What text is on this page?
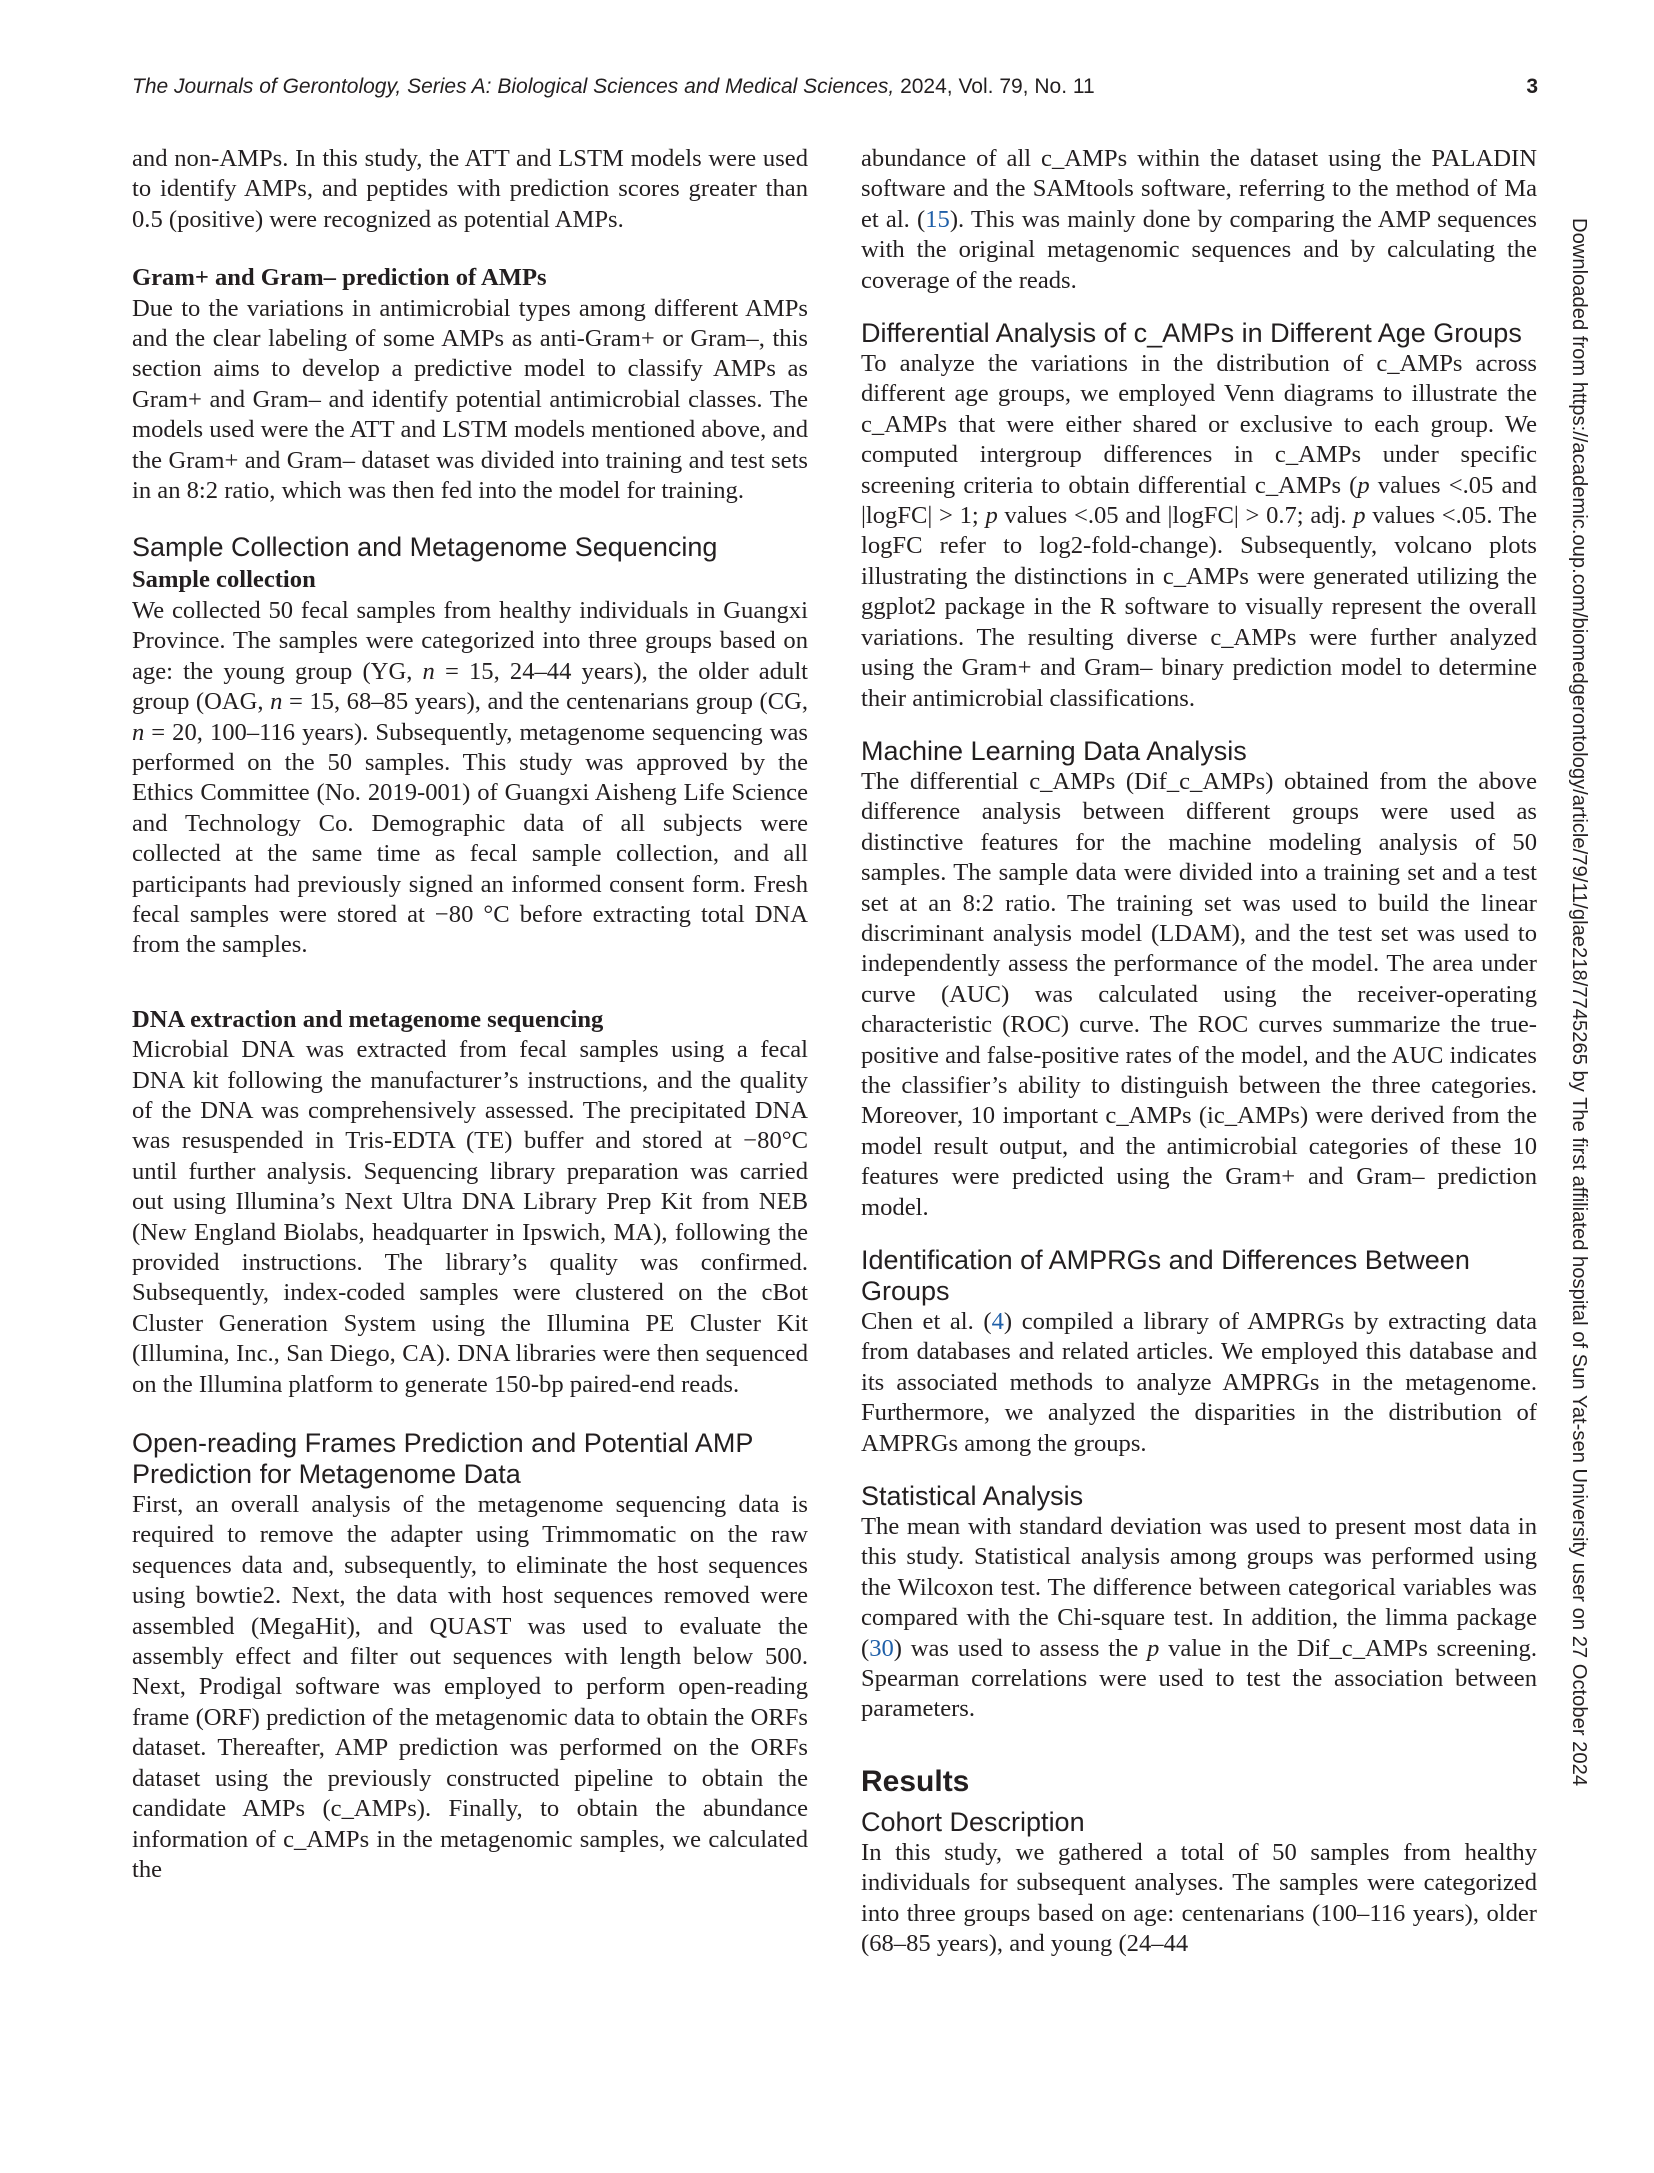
The Journals of Gerontology, Series A: Biological Sciences and Medical Sciences, 2024, Vol. 79, No. 11	3

and non-AMPs. In this study, the ATT and LSTM models were used to identify AMPs, and peptides with prediction scores greater than 0.5 (positive) were recognized as potential AMPs.

Gram+ and Gram– prediction of AMPs

Due to the variations in antimicrobial types among different AMPs and the clear labeling of some AMPs as anti-Gram+ or Gram–, this section aims to develop a predictive model to classify AMPs as Gram+ and Gram– and identify potential antimicrobial classes. The models used were the ATT and LSTM models mentioned above, and the Gram+ and Gram– dataset was divided into training and test sets in an 8:2 ratio, which was then fed into the model for training.

Sample Collection and Metagenome Sequencing
Sample collection

We collected 50 fecal samples from healthy individuals in Guangxi Province. The samples were categorized into three groups based on age: the young group (YG, n = 15, 24–44 years), the older adult group (OAG, n = 15, 68–85 years), and the centenarians group (CG, n = 20, 100–116 years). Subsequently, metagenome sequencing was performed on the 50 samples. This study was approved by the Ethics Committee (No. 2019-001) of Guangxi Aisheng Life Science and Technology Co. Demographic data of all subjects were collected at the same time as fecal sample collection, and all participants had previously signed an informed consent form. Fresh fecal samples were stored at −80 °C before extracting total DNA from the samples.

DNA extraction and metagenome sequencing

Microbial DNA was extracted from fecal samples using a fecal DNA kit following the manufacturer’s instructions, and the quality of the DNA was comprehensively assessed. The precipitated DNA was resuspended in Tris-EDTA (TE) buffer and stored at −80°C until further analysis. Sequencing library preparation was carried out using Illumina’s Next Ultra DNA Library Prep Kit from NEB (New England Biolabs, headquarter in Ipswich, MA), following the provided instructions. The library’s quality was confirmed. Subsequently, index-coded samples were clustered on the cBot Cluster Generation System using the Illumina PE Cluster Kit (Illumina, Inc., San Diego, CA). DNA libraries were then sequenced on the Illumina platform to generate 150-bp paired-end reads.

Open-reading Frames Prediction and Potential AMP Prediction for Metagenome Data

First, an overall analysis of the metagenome sequencing data is required to remove the adapter using Trimmomatic on the raw sequences data and, subsequently, to eliminate the host sequences using bowtie2. Next, the data with host sequences removed were assembled (MegaHit), and QUAST was used to evaluate the assembly effect and filter out sequences with length below 500. Next, Prodigal software was employed to perform open-reading frame (ORF) prediction of the metagenomic data to obtain the ORFs dataset. Thereafter, AMP prediction was performed on the ORFs dataset using the previously constructed pipeline to obtain the candidate AMPs (c_AMPs). Finally, to obtain the abundance information of c_AMPs in the metagenomic samples, we calculated the

abundance of all c_AMPs within the dataset using the PALADIN software and the SAMtools software, referring to the method of Ma et al. (15). This was mainly done by comparing the AMP sequences with the original metagenomic sequences and by calculating the coverage of the reads.

Differential Analysis of c_AMPs in Different Age Groups

To analyze the variations in the distribution of c_AMPs across different age groups, we employed Venn diagrams to illustrate the c_AMPs that were either shared or exclusive to each group. We computed intergroup differences in c_AMPs under specific screening criteria to obtain differential c_AMPs (p values <.05 and |logFC| > 1; p values <.05 and |logFC| > 0.7; adj. p values <.05. The logFC refer to log2-fold-change). Subsequently, volcano plots illustrating the distinctions in c_AMPs were generated utilizing the ggplot2 package in the R software to visually represent the overall variations. The resulting diverse c_AMPs were further analyzed using the Gram+ and Gram– binary prediction model to determine their antimicrobial classifications.

Machine Learning Data Analysis

The differential c_AMPs (Dif_c_AMPs) obtained from the above difference analysis between different groups were used as distinctive features for the machine modeling analysis of 50 samples. The sample data were divided into a training set and a test set at an 8:2 ratio. The training set was used to build the linear discriminant analysis model (LDAM), and the test set was used to independently assess the performance of the model. The area under curve (AUC) was calculated using the receiver-operating characteristic (ROC) curve. The ROC curves summarize the true-positive and false-positive rates of the model, and the AUC indicates the classifier’s ability to distinguish between the three categories. Moreover, 10 important c_AMPs (ic_AMPs) were derived from the model result output, and the antimicrobial categories of these 10 features were predicted using the Gram+ and Gram– prediction model.

Identification of AMPRGs and Differences Between Groups

Chen et al. (4) compiled a library of AMPRGs by extracting data from databases and related articles. We employed this database and its associated methods to analyze AMPRGs in the metagenome. Furthermore, we analyzed the disparities in the distribution of AMPRGs among the groups.

Statistical Analysis

The mean with standard deviation was used to present most data in this study. Statistical analysis among groups was performed using the Wilcoxon test. The difference between categorical variables was compared with the Chi-square test. In addition, the limma package (30) was used to assess the p value in the Dif_c_AMPs screening. Spearman correlations were used to test the association between parameters.

Results
Cohort Description

In this study, we gathered a total of 50 samples from healthy individuals for subsequent analyses. The samples were categorized into three groups based on age: centenarians (100–116 years), older (68–85 years), and young (24–44

Downloaded from https://academic.oup.com/biomedgerontology/article/79/11/glae218/7745265 by The first affiliated hospital of Sun Yat-sen University user on 27 October 2024
